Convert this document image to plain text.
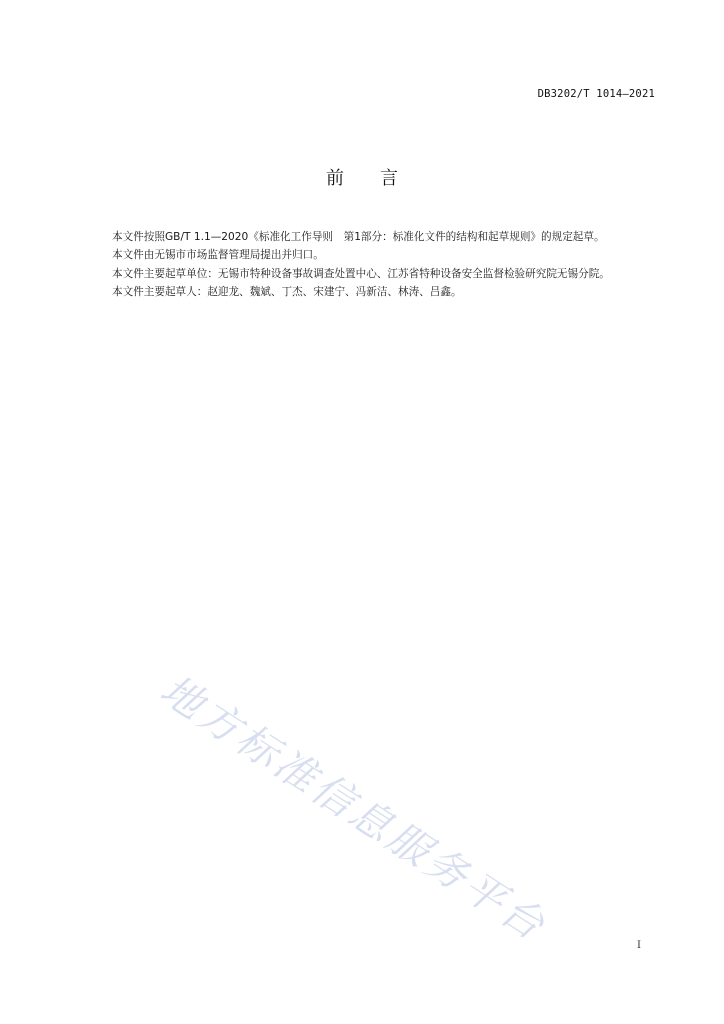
DB3202/T 1014—2021
前言

本文件按照GB/T 1.1—2020《标准化工作导则　第1部分：标准化文件的结构和起草规则》的规定起草。

本文件由无锡市市场监督管理局提出并归口。

本文件主要起草单位：无锡市特种设备事故调查处置中心、江苏省特种设备安全监督检验研究院无锡分院。

本文件主要起草人：赵迎龙、魏斌、丁杰、宋建宁、冯新洁、林涛、吕鑫。

地方标准信息服务平台	I
